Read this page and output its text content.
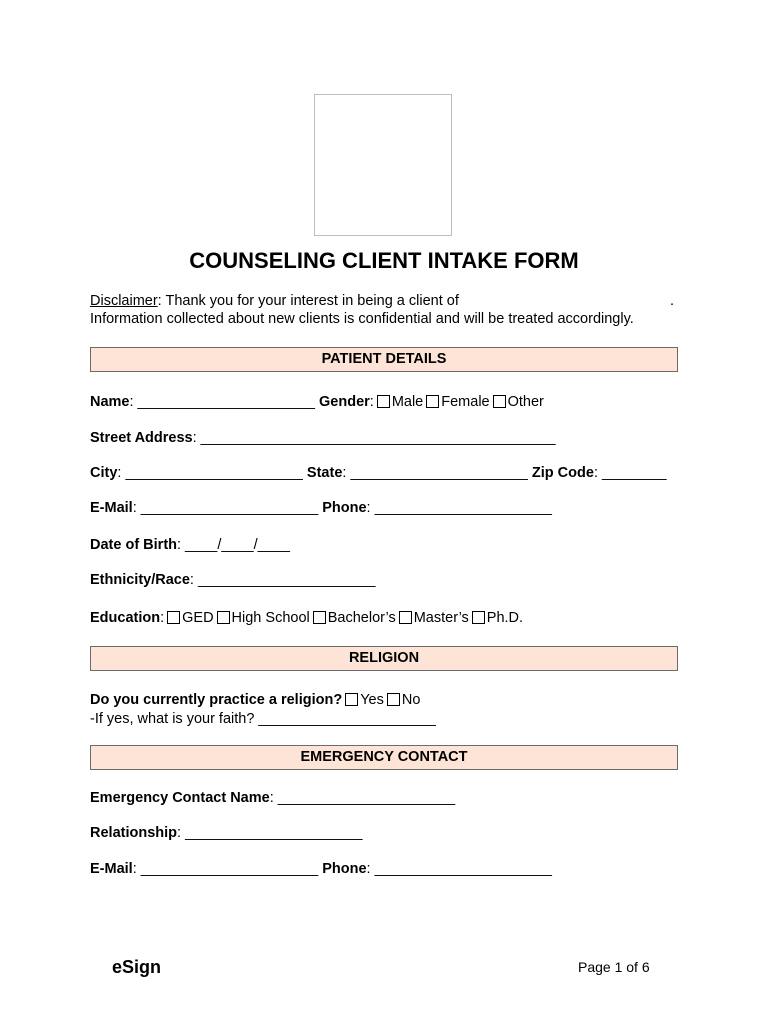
COUNSELING CLIENT INTAKE FORM
Disclaimer: Thank you for your interest in being a client of	.
Information collected about new clients is confidential and will be treated accordingly.
PATIENT DETAILS
Name: ______________________ Gender: Male Female Other
Street Address: ____________________________________________
City: ______________________ State: ______________________ Zip Code: ________
E-Mail: ______________________ Phone: ______________________
Date of Birth: ____/____/____
Ethnicity/Race: ______________________
Education: GED High School Bachelor’s Master’s Ph.D.
RELIGION
Do you currently practice a religion? Yes No
-If yes, what is your faith? ______________________
EMERGENCY CONTACT
Emergency Contact Name: ______________________
Relationship: ______________________
E-Mail: ______________________ Phone: ______________________
eSign	Page 1 of 6
